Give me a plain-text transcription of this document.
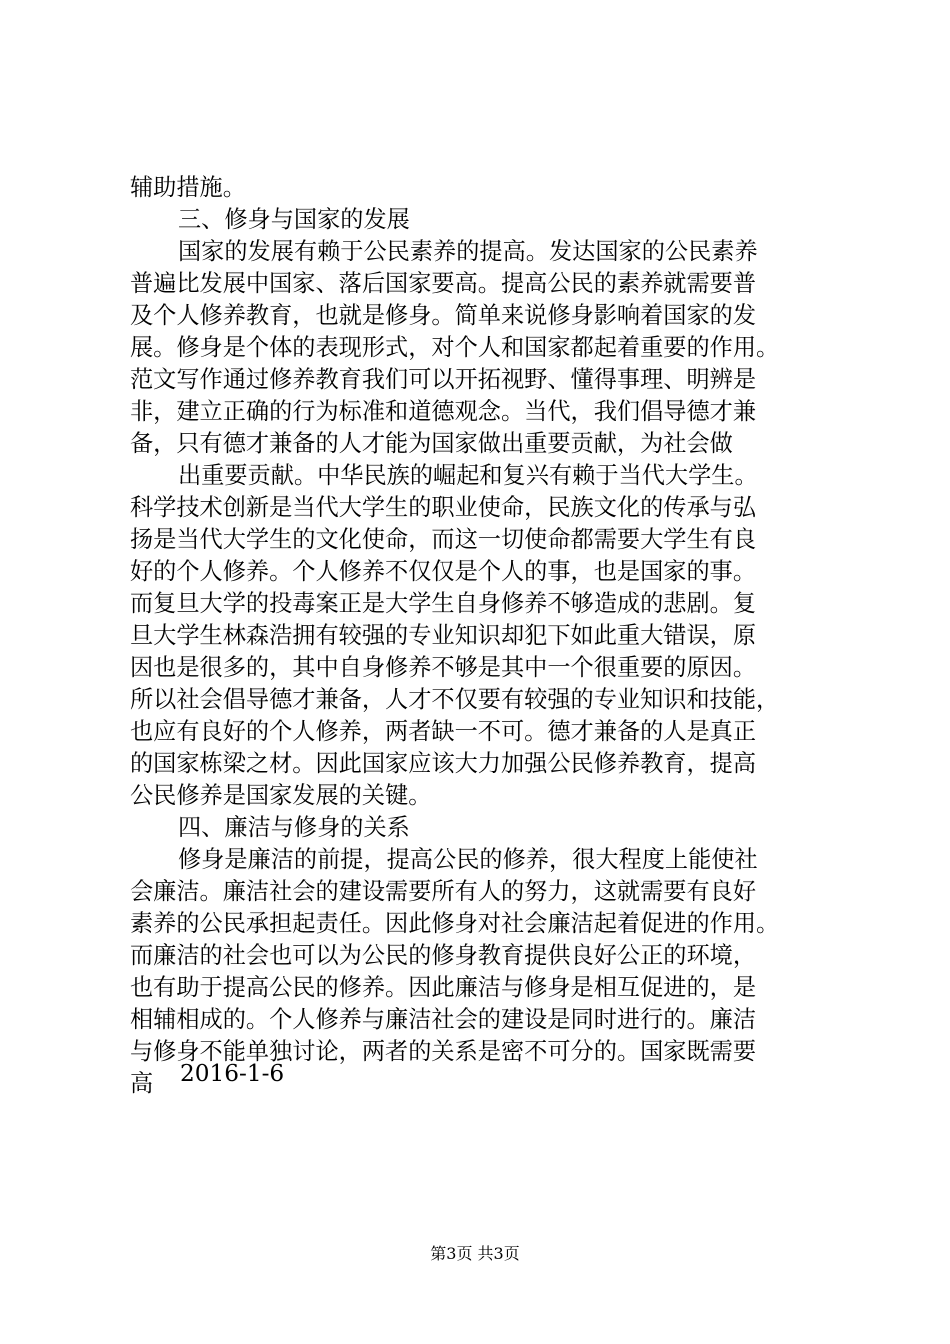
辅助措施。
三、修身与国家的发展
国家的发展有赖于公民素养的提高。发达国家的公民素养
普遍比发展中国家、落后国家要高。提高公民的素养就需要普
及个人修养教育，也就是修身。简单来说修身影响着国家的发
展。修身是个体的表现形式，对个人和国家都起着重要的作用。
范文写作通过修养教育我们可以开拓视野、懂得事理、明辨是
非，建立正确的行为标准和道德观念。当代，我们倡导德才兼
备，只有德才兼备的人才能为国家做出重要贡献，为社会做
出重要贡献。中华民族的崛起和复兴有赖于当代大学生。
科学技术创新是当代大学生的职业使命，民族文化的传承与弘
扬是当代大学生的文化使命，而这一切使命都需要大学生有良
好的个人修养。个人修养不仅仅是个人的事，也是国家的事。
而复旦大学的投毒案正是大学生自身修养不够造成的悲剧。复
旦大学生林森浩拥有较强的专业知识却犯下如此重大错误，原
因也是很多的，其中自身修养不够是其中一个很重要的原因。
所以社会倡导德才兼备，人才不仅要有较强的专业知识和技能，
也应有良好的个人修养，两者缺一不可。德才兼备的人是真正
的国家栋梁之材。因此国家应该大力加强公民修养教育，提高
公民修养是国家发展的关键。
四、廉洁与修身的关系
修身是廉洁的前提，提高公民的修养，很大程度上能使社
会廉洁。廉洁社会的建设需要所有人的努力，这就需要有良好
素养的公民承担起责任。因此修身对社会廉洁起着促进的作用。
而廉洁的社会也可以为公民的修身教育提供良好公正的环境，
也有助于提高公民的修养。因此廉洁与修身是相互促进的，是
相辅相成的。个人修养与廉洁社会的建设是同时进行的。廉洁
与修身不能单独讨论，两者的关系是密不可分的。国家既需要
高 2016-1-6
第3页 共3页
